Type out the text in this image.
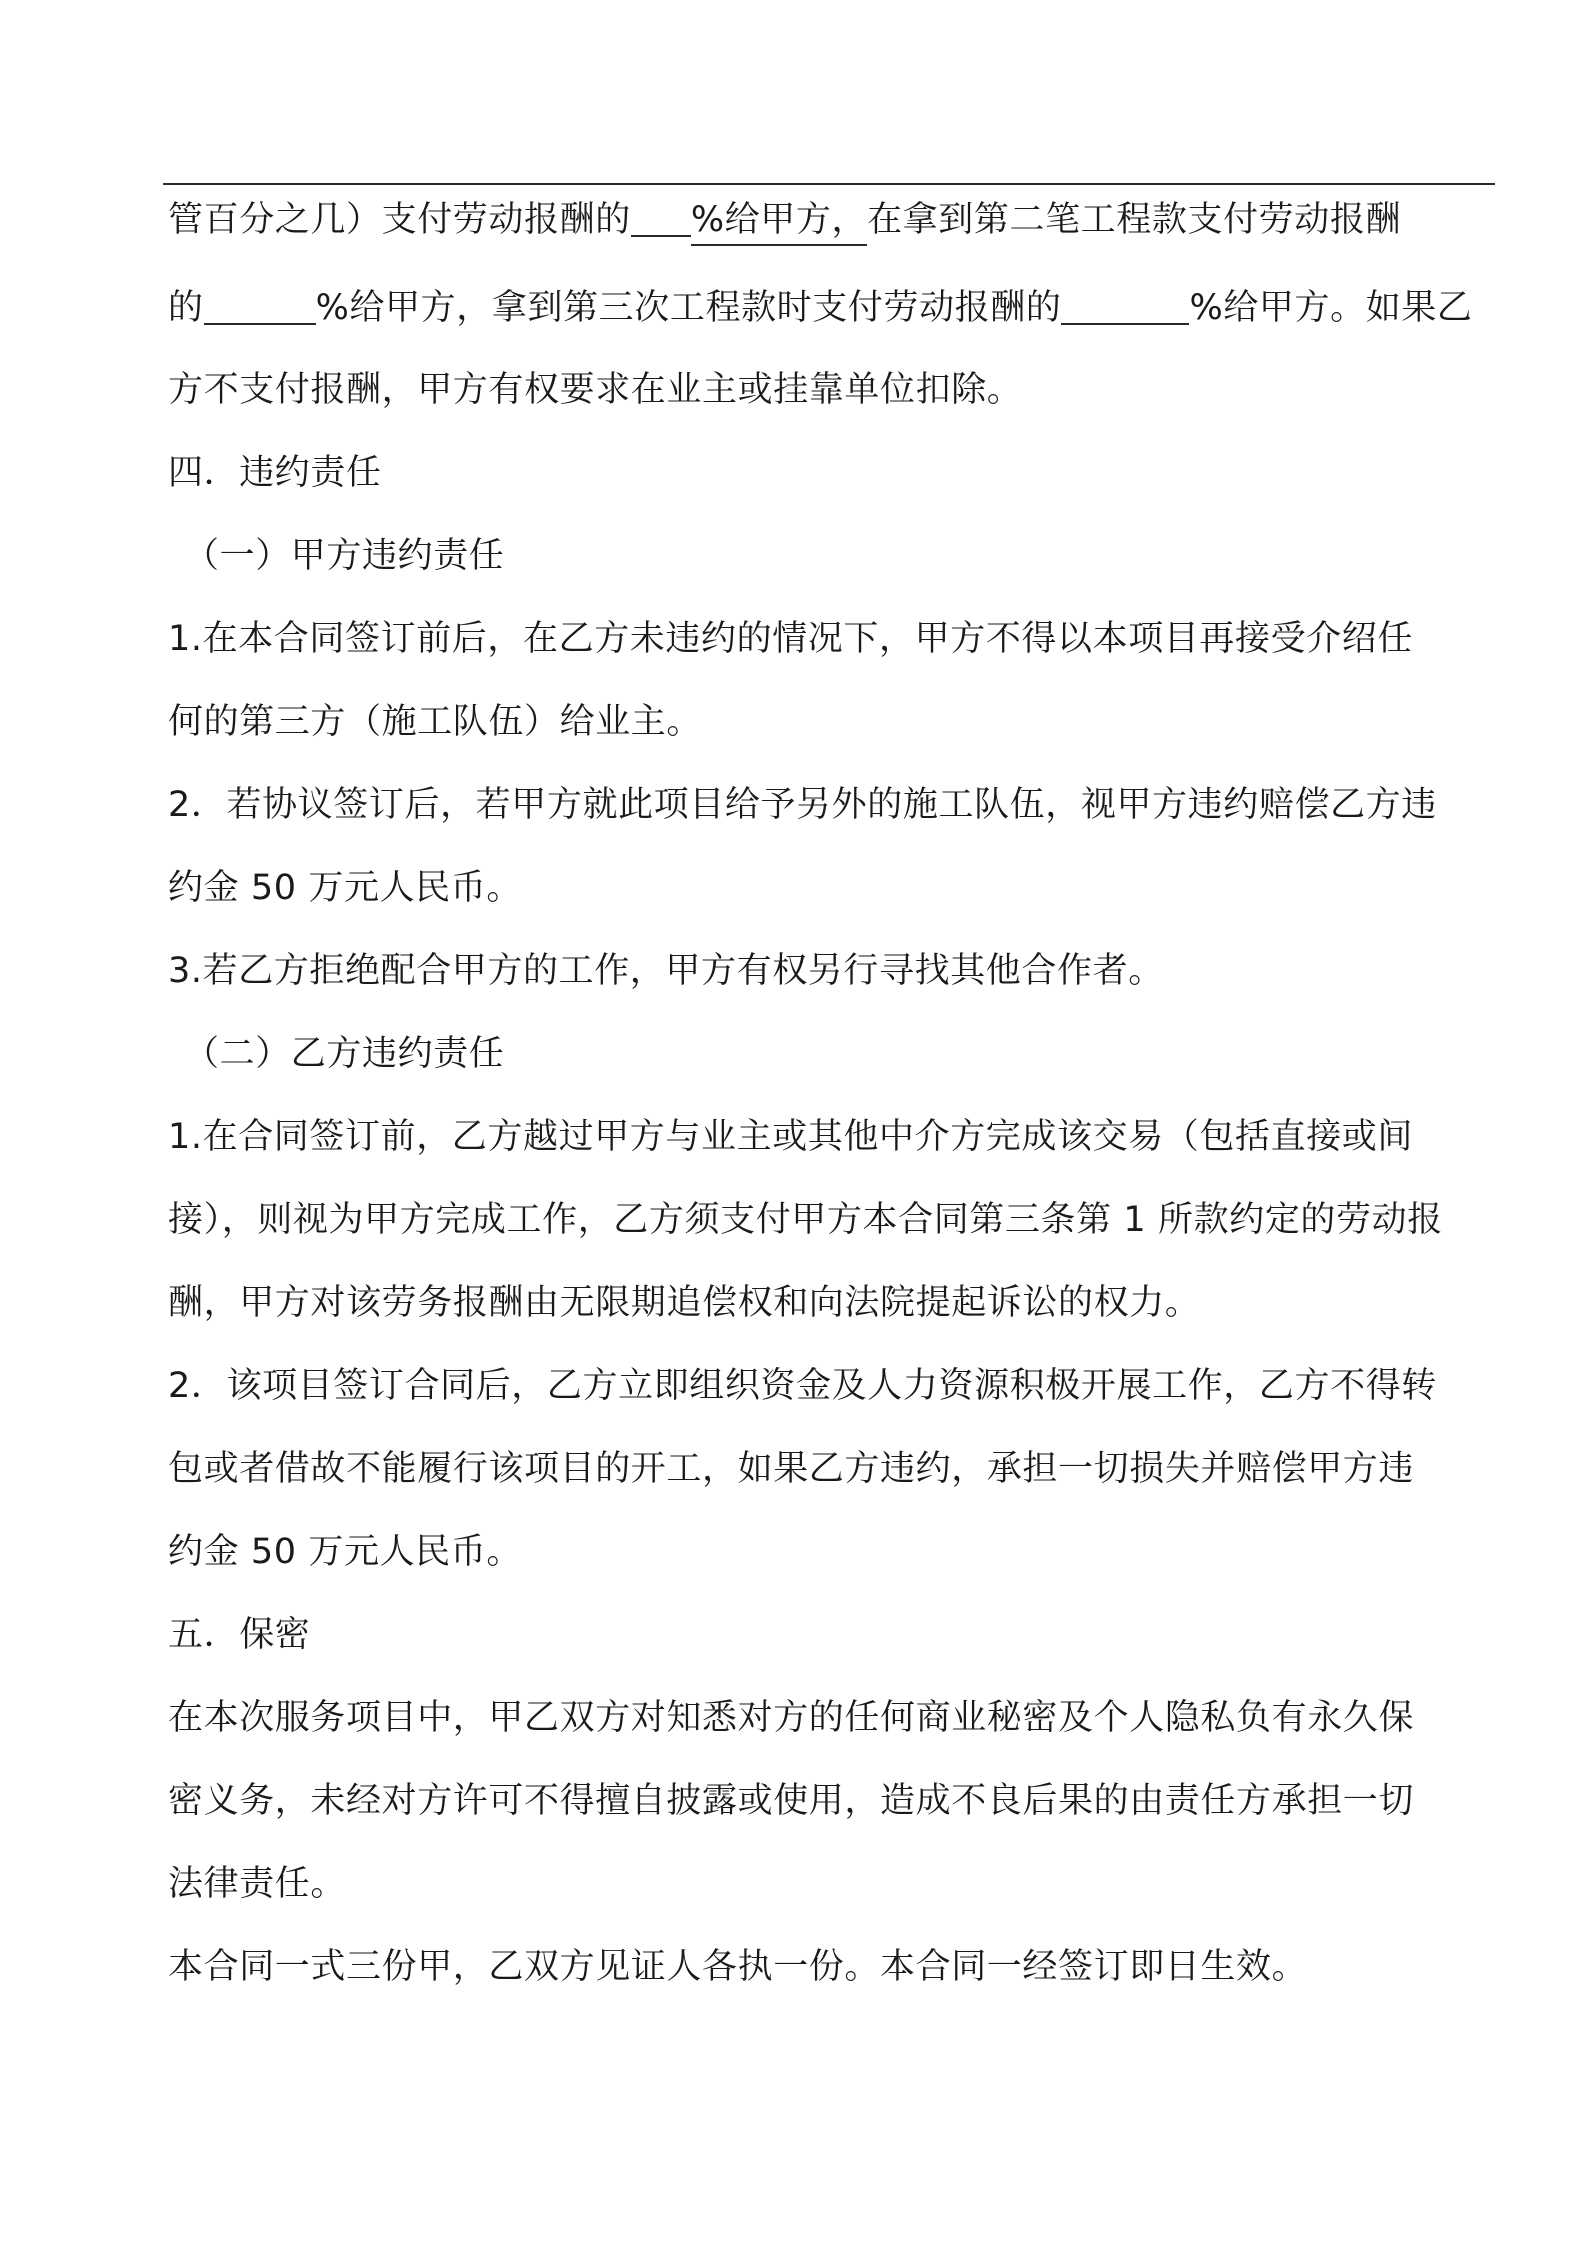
管百分之几）支付劳动报酬的 %给甲方，在拿到第二笔工程款支付劳动报酬
的	%给甲方，拿到第三次工程款时支付劳动报酬的	%给甲方。如果乙
方不支付报酬，甲方有权要求在业主或挂靠单位扣除。
四．违约责任
（一）甲方违约责任
1.在本合同签订前后，在乙方未违约的情况下，甲方不得以本项目再接受介绍任
何的第三方（施工队伍）给业主。
2．若协议签订后，若甲方就此项目给予另外的施工队伍，视甲方违约赔偿乙方违
约金 50 万元人民币。
3.若乙方拒绝配合甲方的工作，甲方有权另行寻找其他合作者。
（二）乙方违约责任
1.在合同签订前，乙方越过甲方与业主或其他中介方完成该交易（包括直接或间
接），则视为甲方完成工作，乙方须支付甲方本合同第三条第 1 所款约定的劳动报
酬，甲方对该劳务报酬由无限期追偿权和向法院提起诉讼的权力。
2．该项目签订合同后，乙方立即组织资金及人力资源积极开展工作，乙方不得转
包或者借故不能履行该项目的开工，如果乙方违约，承担一切损失并赔偿甲方违
约金 50 万元人民币。
五．保密
在本次服务项目中，甲乙双方对知悉对方的任何商业秘密及个人隐私负有永久保
密义务，未经对方许可不得擅自披露或使用，造成不良后果的由责任方承担一切
法律责任。
本合同一式三份甲，乙双方见证人各执一份。本合同一经签订即日生效。
